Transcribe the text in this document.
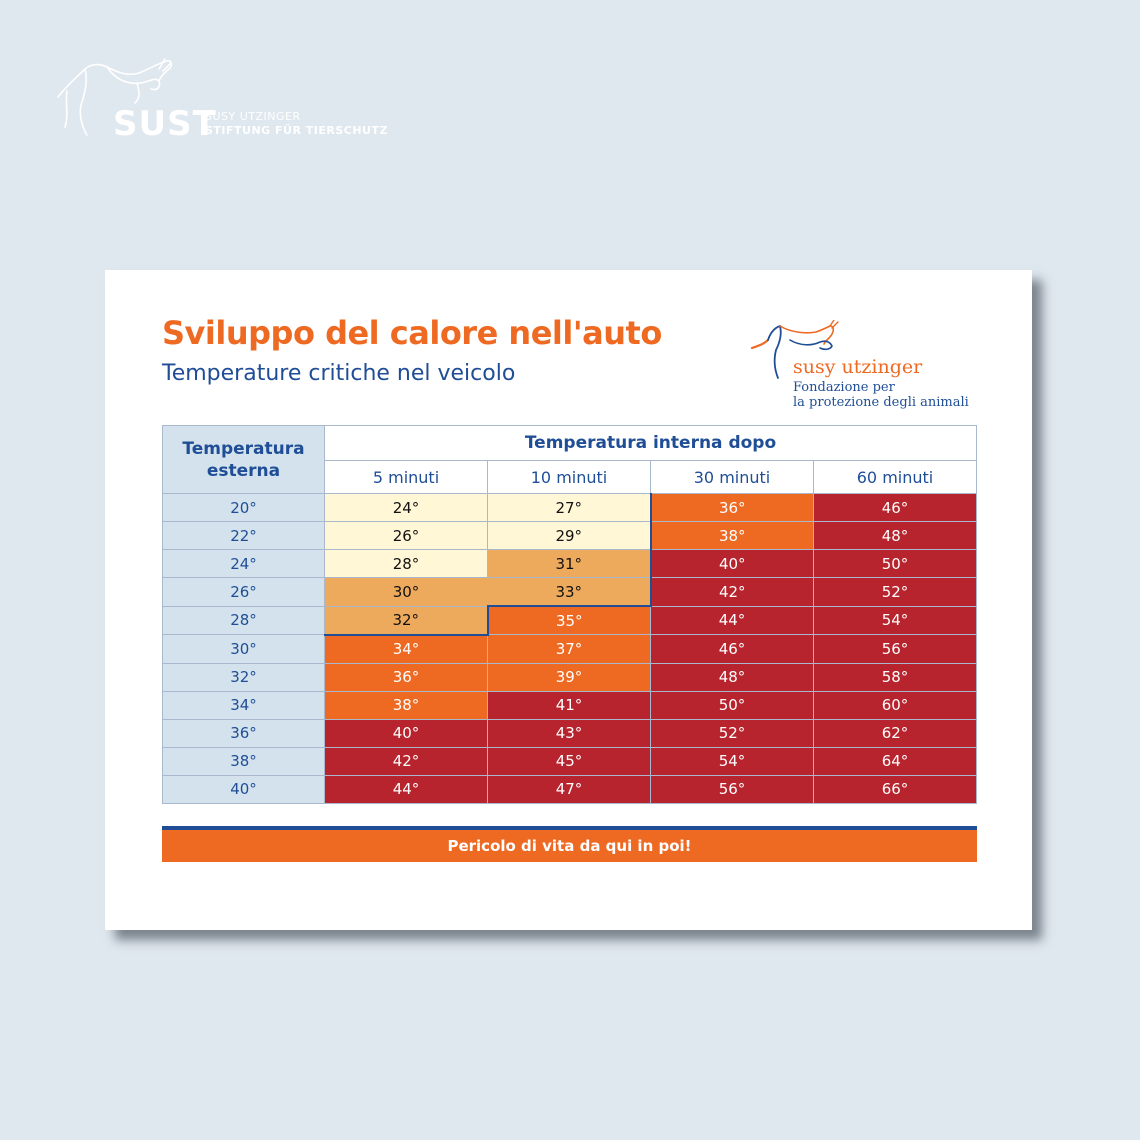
SUST
SUSY UTZINGER
STIFTUNG FÜR TIERSCHUTZ
Sviluppo del calore nell'auto
Temperature critiche nel veicolo	susy utzinger
Fondazione per
la protezione degli animali
Temperatura esterna	Temperatura interna dopo			
	5 minuti	10 minuti	30 minuti	60 minuti
20°	24°	27°	36°	46°
22°	26°	29°	38°	48°
24°	28°	31°	40°	50°
26°	30°	33°	42°	52°
28°	32°	35°	44°	54°
30°	34°	37°	46°	56°
32°	36°	39°	48°	58°
34°	38°	41°	50°	60°
36°	40°	43°	52°	62°
38°	42°	45°	54°	64°
40°	44°	47°	56°	66°
Pericolo di vita da qui in poi!
